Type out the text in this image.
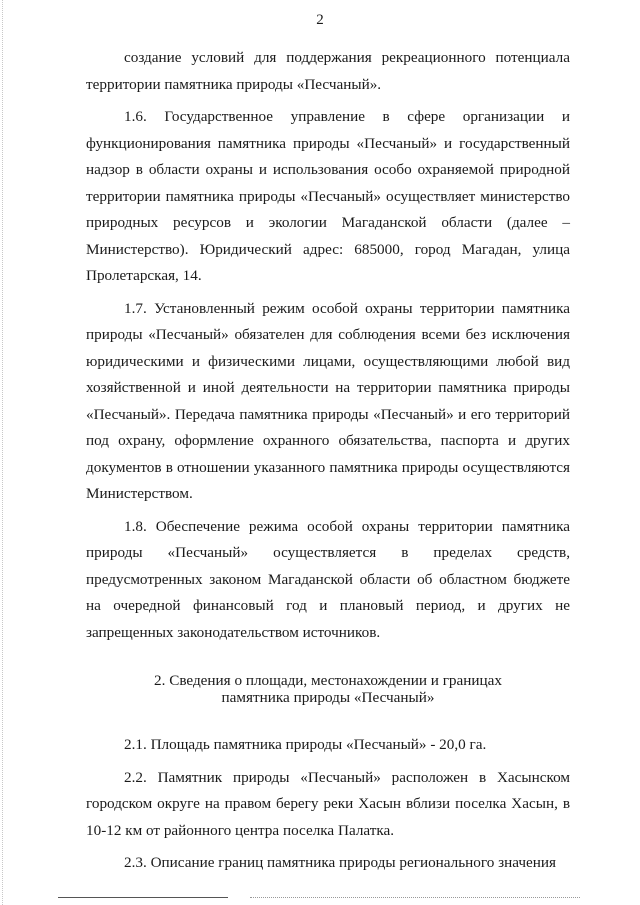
2

создание условий для поддержания рекреационного потенциала территории памятника природы «Песчаный».

1.6. Государственное управление в сфере организации и функционирования памятника природы «Песчаный» и государственный надзор в области охраны и использования особо охраняемой природной территории памятника природы «Песчаный» осуществляет министерство природных ресурсов и экологии Магаданской области (далее – Министерство). Юридический адрес: 685000, город Магадан, улица Пролетарская, 14.

1.7. Установленный режим особой охраны территории памятника природы «Песчаный» обязателен для соблюдения всеми без исключения юридическими и физическими лицами, осуществляющими любой вид хозяйственной и иной деятельности на территории памятника природы «Песчаный». Передача памятника природы «Песчаный» и его территорий под охрану, оформление охранного обязательства, паспорта и других документов в отношении указанного памятника природы осуществляются Министерством.

1.8. Обеспечение режима особой охраны территории памятника природы «Песчаный» осуществляется в пределах средств, предусмотренных законом Магаданской области об областном бюджете на очередной финансовый год и плановый период, и других не запрещенных законодательством источников.

2. Сведения о площади, местонахождении и границах
памятника природы «Песчаный»

2.1. Площадь памятника природы «Песчаный» - 20,0 га.

2.2. Памятник природы «Песчаный» расположен в Хасынском городском округе на правом берегу реки Хасын вблизи поселка Хасын, в 10-12 км от районного центра поселка Палатка.

2.3. Описание границ памятника природы регионального значения
